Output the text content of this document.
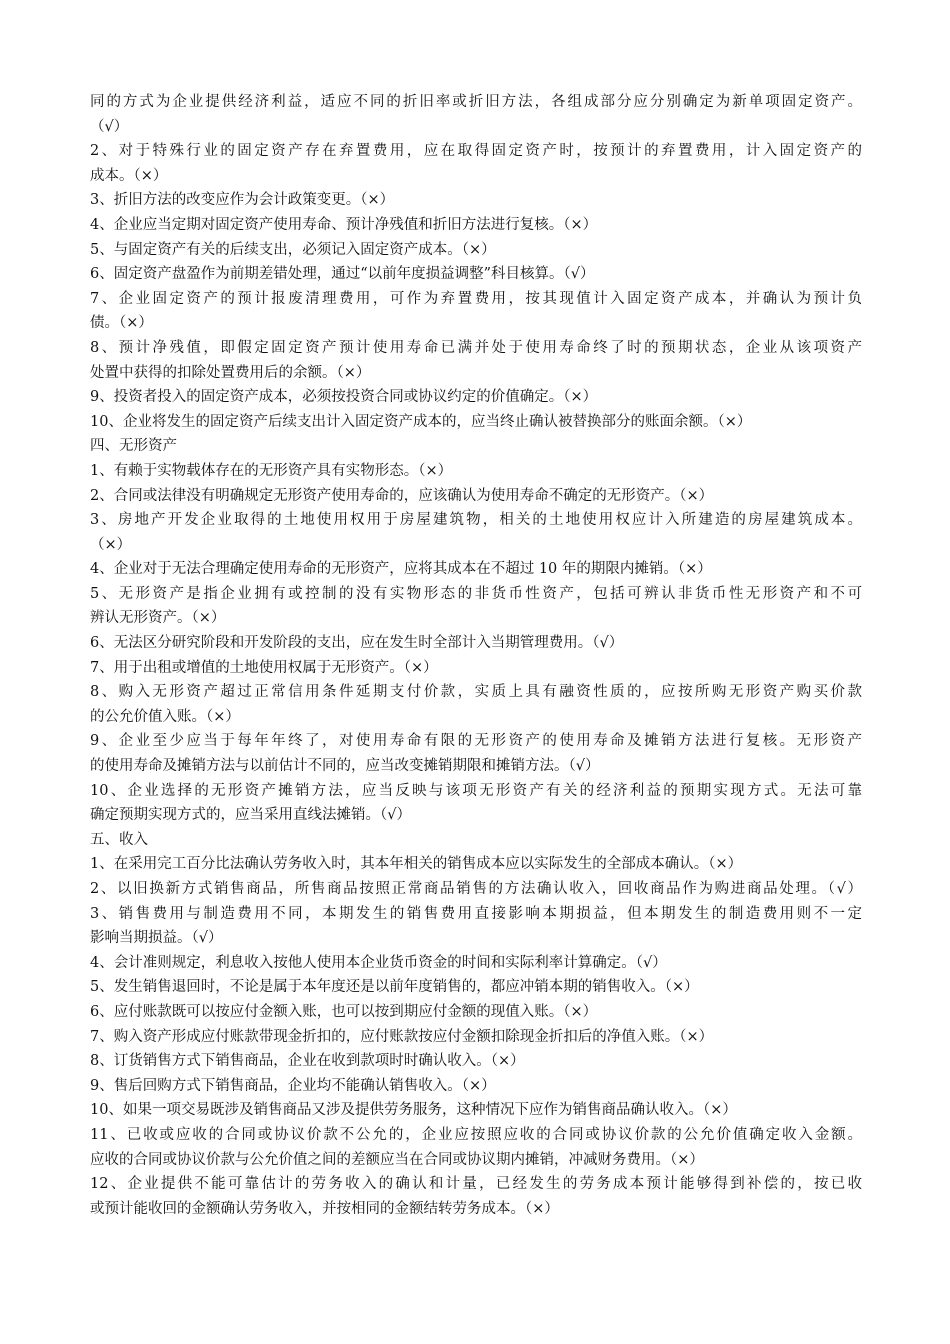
同的方式为企业提供经济利益，适应不同的折旧率或折旧方法，各组成部分应分别确定为新单项固定资产。
（√）
2、对于特殊行业的固定资产存在弃置费用，应在取得固定资产时，按预计的弃置费用，计入固定资产的
成本。（×）
3、折旧方法的改变应作为会计政策变更。（×）
4、企业应当定期对固定资产使用寿命、预计净残值和折旧方法进行复核。（×）
5、与固定资产有关的后续支出，必须记入固定资产成本。（×）
6、固定资产盘盈作为前期差错处理，通过“以前年度损益调整”科目核算。（√）
7、企业固定资产的预计报废清理费用，可作为弃置费用，按其现值计入固定资产成本，并确认为预计负
债。（×）
8、预计净残值，即假定固定资产预计使用寿命已满并处于使用寿命终了时的预期状态，企业从该项资产
处置中获得的扣除处置费用后的余额。（×）
9、投资者投入的固定资产成本，必须按投资合同或协议约定的价值确定。（×）
10、企业将发生的固定资产后续支出计入固定资产成本的，应当终止确认被替换部分的账面余额。（×）
四、无形资产
1、有赖于实物载体存在的无形资产具有实物形态。（×）
2、合同或法律没有明确规定无形资产使用寿命的，应该确认为使用寿命不确定的无形资产。（×）
3、房地产开发企业取得的土地使用权用于房屋建筑物，相关的土地使用权应计入所建造的房屋建筑成本。
（×）
4、企业对于无法合理确定使用寿命的无形资产，应将其成本在不超过 10 年的期限内摊销。（×）
5、无形资产是指企业拥有或控制的没有实物形态的非货币性资产，包括可辨认非货币性无形资产和不可
辨认无形资产。（×）
6、无法区分研究阶段和开发阶段的支出，应在发生时全部计入当期管理费用。（√）
7、用于出租或增值的土地使用权属于无形资产。（×）
8、购入无形资产超过正常信用条件延期支付价款，实质上具有融资性质的，应按所购无形资产购买价款
的公允价值入账。（×）
9、企业至少应当于每年年终了，对使用寿命有限的无形资产的使用寿命及摊销方法进行复核。无形资产
的使用寿命及摊销方法与以前估计不同的，应当改变摊销期限和摊销方法。（√）
10、企业选择的无形资产摊销方法，应当反映与该项无形资产有关的经济利益的预期实现方式。无法可靠
确定预期实现方式的，应当采用直线法摊销。（√）
五、收入
1、在采用完工百分比法确认劳务收入时，其本年相关的销售成本应以实际发生的全部成本确认。（×）
2、以旧换新方式销售商品，所售商品按照正常商品销售的方法确认收入，回收商品作为购进商品处理。（√）
3、销售费用与制造费用不同，本期发生的销售费用直接影响本期损益，但本期发生的制造费用则不一定
影响当期损益。（√）
4、会计准则规定，利息收入按他人使用本企业货币资金的时间和实际利率计算确定。（√）
5、发生销售退回时，不论是属于本年度还是以前年度销售的，都应冲销本期的销售收入。（×）
6、应付账款既可以按应付金额入账，也可以按到期应付金额的现值入账。（×）
7、购入资产形成应付账款带现金折扣的，应付账款按应付金额扣除现金折扣后的净值入账。（×）
8、订货销售方式下销售商品，企业在收到款项时时确认收入。（×）
9、售后回购方式下销售商品，企业均不能确认销售收入。（×）
10、如果一项交易既涉及销售商品又涉及提供劳务服务，这种情况下应作为销售商品确认收入。（×）
11、已收或应收的合同或协议价款不公允的，企业应按照应收的合同或协议价款的公允价值确定收入金额。
应收的合同或协议价款与公允价值之间的差额应当在合同或协议期内摊销，冲减财务费用。（×）
12、企业提供不能可靠估计的劳务收入的确认和计量，已经发生的劳务成本预计能够得到补偿的，按已收
或预计能收回的金额确认劳务收入，并按相同的金额结转劳务成本。（×）
